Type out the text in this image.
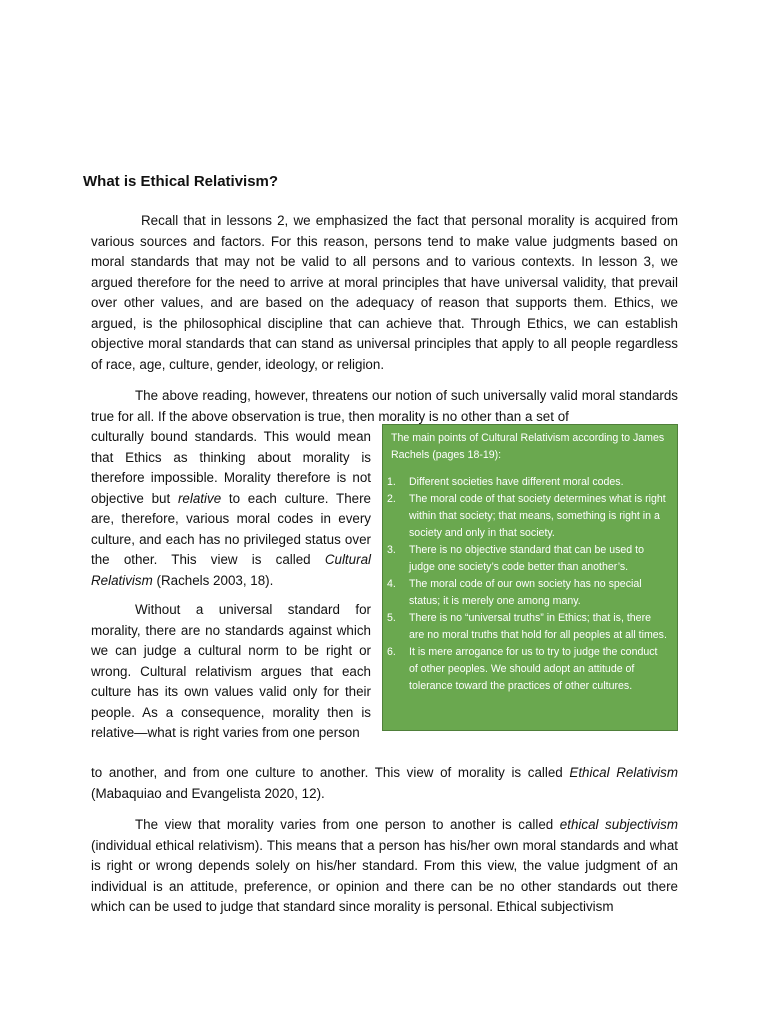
What is Ethical Relativism?

Recall that in lessons 2, we emphasized the fact that personal morality is acquired from various sources and factors. For this reason, persons tend to make value judgments based on moral standards that may not be valid to all persons and to various contexts. In lesson 3, we argued therefore for the need to arrive at moral principles that have universal validity, that prevail over other values, and are based on the adequacy of reason that supports them. Ethics, we argued, is the philosophical discipline that can achieve that. Through Ethics, we can establish objective moral standards that can stand as universal principles that apply to all people regardless of race, age, culture, gender, ideology, or religion.

The above reading, however, threatens our notion of such universally valid moral standards true for all. If the above observation is true, then morality is no other than a set of

culturally bound standards. This would mean that Ethics as thinking about morality is therefore impossible. Morality therefore is not objective but relative to each culture. There are, therefore, various moral codes in every culture, and each has no privileged status over the other. This view is called Cultural Relativism (Rachels 2003, 18).

Without a universal standard for morality, there are no standards against which we can judge a cultural norm to be right or wrong. Cultural relativism argues that each culture has its own values valid only for their people. As a consequence, morality then is relative—what is right varies from one person

to another, and from one culture to another. This view of morality is called Ethical Relativism (Mabaquiao and Evangelista 2020, 12).

The view that morality varies from one person to another is called ethical subjectivism (individual ethical relativism). This means that a person has his/her own moral standards and what is right or wrong depends solely on his/her standard. From this view, the value judgment of an individual is an attitude, preference, or opinion and there can be no other standards out there which can be used to judge that standard since morality is personal. Ethical subjectivism

The main points of Cultural Relativism according to James Rachels (pages 18-19):

1. Different societies have different moral codes.
2. The moral code of that society determines what is right within that society; that means, something is right in a society and only in that society.
3. There is no objective standard that can be used to judge one society’s code better than another’s.
4. The moral code of our own society has no special status; it is merely one among many.
5. There is no “universal truths” in Ethics; that is, there are no moral truths that hold for all peoples at all times.
6. It is mere arrogance for us to try to judge the conduct of other peoples. We should adopt an attitude of tolerance toward the practices of other cultures.
